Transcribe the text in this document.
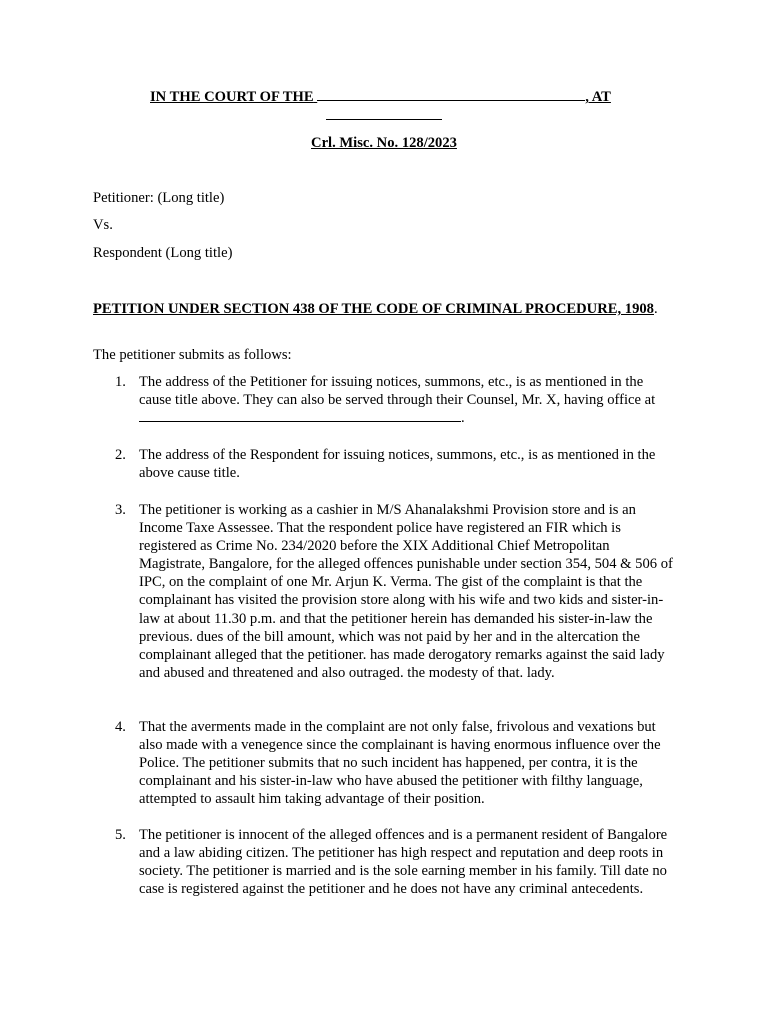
IN THE COURT OF THE	, AT
Crl. Misc. No. 128/2023
Petitioner: (Long title)
Vs.
Respondent (Long title)
PETITION UNDER SECTION 438 OF THE CODE OF CRIMINAL PROCEDURE, 1908.
The petitioner submits as follows:
1. The address of the Petitioner for issuing notices, summons, etc., is as mentioned in the cause title above. They can also be served through their Counsel, Mr. X, having office at .
2. The address of the Respondent for issuing notices, summons, etc., is as mentioned in the above cause title.
3. The petitioner is working as a cashier in M/S Ahanalakshmi Provision store and is an Income Taxe Assessee. That the respondent police have registered an FIR which is registered as Crime No. 234/2020 before the XIX Additional Chief Metropolitan Magistrate, Bangalore, for the alleged offences punishable under section 354, 504 & 506 of IPC, on the complaint of one Mr. Arjun K. Verma. The gist of the complaint is that the complainant has visited the provision store along with his wife and two kids and sister-in-law at about 11.30 p.m. and that the petitioner herein has demanded his sister-in-law the previous. dues of the bill amount, which was not paid by her and in the altercation the complainant alleged that the petitioner. has made derogatory remarks against the said lady and abused and threatened and also outraged. the modesty of that. lady.
4. That the averments made in the complaint are not only false, frivolous and vexations but also made with a venegence since the complainant is having enormous influence over the Police. The petitioner submits that no such incident has happened, per contra, it is the complainant and his sister-in-law who have abused the petitioner with filthy language, attempted to assault him taking advantage of their position.
5. The petitioner is innocent of the alleged offences and is a permanent resident of Bangalore and a law abiding citizen. The petitioner has high respect and reputation and deep roots in society. The petitioner is married and is the sole earning member in his family. Till date no case is registered against the petitioner and he does not have any criminal antecedents.
